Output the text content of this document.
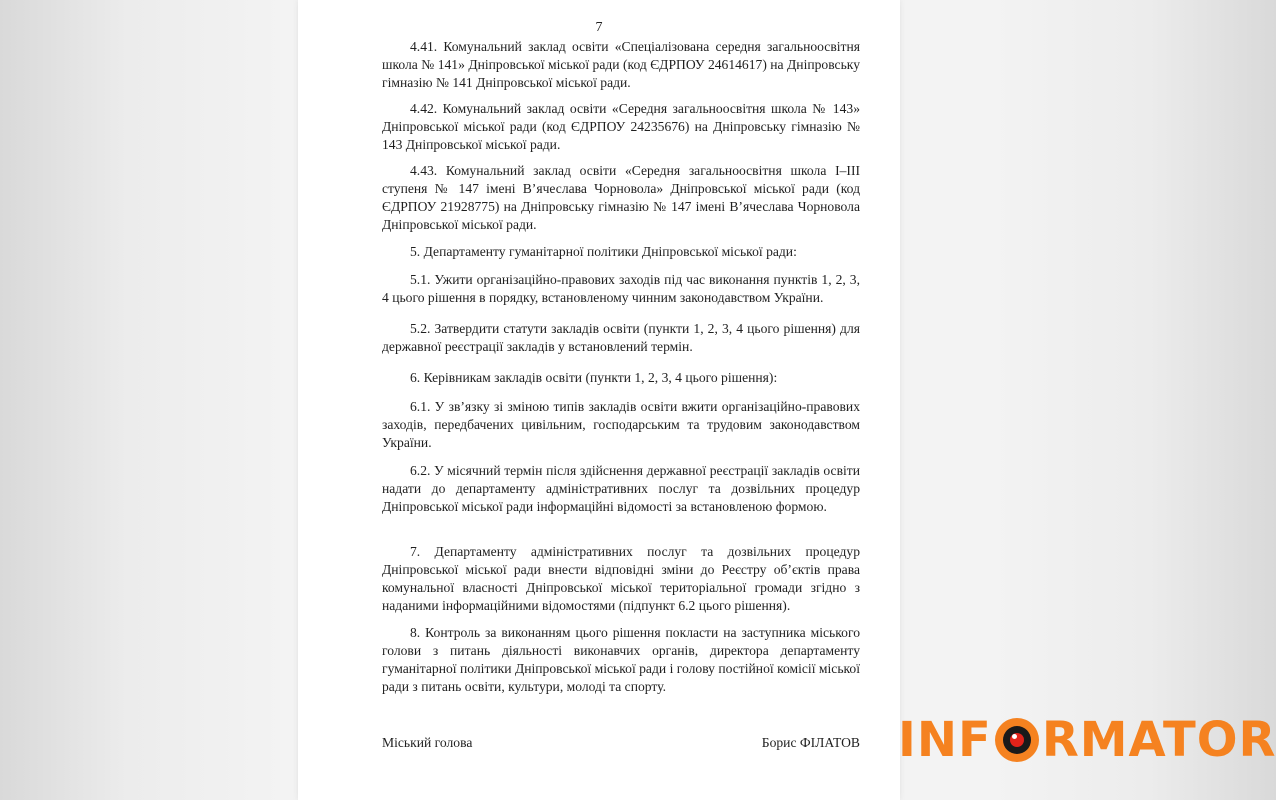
7

4.41. Комунальний заклад освіти «Спеціалізована середня загальноосвітня школа № 141» Дніпровської міської ради (код ЄДРПОУ 24614617) на Дніпровську гімназію № 141 Дніпровської міської ради.

4.42. Комунальний заклад освіти «Середня загальноосвітня школа № 143» Дніпровської міської ради (код ЄДРПОУ 24235676) на Дніпровську гімназію № 143 Дніпровської міської ради.

4.43. Комунальний заклад освіти «Середня загальноосвітня школа І–ІІІ ступеня № 147 імені В’ячеслава Чорновола» Дніпровської міської ради (код ЄДРПОУ 21928775) на Дніпровську гімназію № 147 імені В’ячеслава Чорновола Дніпровської міської ради.

5. Департаменту гуманітарної політики Дніпровської міської ради:

5.1. Ужити організаційно-правових заходів під час виконання пунктів 1, 2, 3, 4 цього рішення в порядку, встановленому чинним законодавством України.

5.2. Затвердити статути закладів освіти (пункти 1, 2, 3, 4 цього рішення) для державної реєстрації закладів у встановлений термін.

6. Керівникам закладів освіти (пункти 1, 2, 3, 4 цього рішення):

6.1. У зв’язку зі зміною типів закладів освіти вжити організаційно-правових заходів, передбачених цивільним, господарським та трудовим законодавством України.

6.2. У місячний термін після здійснення державної реєстрації закладів освіти надати до департаменту адміністративних послуг та дозвільних процедур Дніпровської міської ради інформаційні відомості за встановленою формою.

7. Департаменту адміністративних послуг та дозвільних процедур Дніпровської міської ради внести відповідні зміни до Реєстру об’єктів права комунальної власності Дніпровської міської територіальної громади згідно з наданими інформаційними відомостями (підпункт 6.2 цього рішення).

8. Контроль за виконанням цього рішення покласти на заступника міського голови з питань діяльності виконавчих органів, директора департаменту гуманітарної політики Дніпровської міської ради і голову постійної комісії міської ради з питань освіти, культури, молоді та спорту.

Міський голова	Борис ФІЛАТОВ INF RMATOR
